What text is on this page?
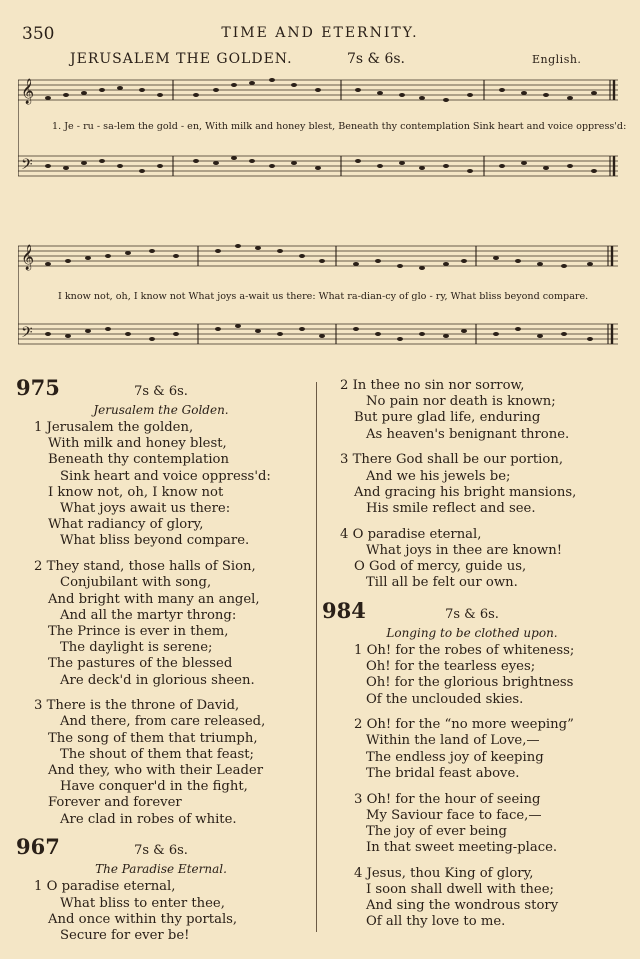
350	TIME AND ETERNITY.
JERUSALEM THE GOLDEN.	7s & 6s.	English.
𝄞
𝄢
1. Je - ru - sa-lem the gold - en, With milk and honey blest, Beneath thy contemplation Sink heart and voice oppress'd:
𝄞
𝄢
I know not, oh, I know not What joys a-wait us there: What ra-dian-cy of glo - ry, What bliss beyond compare.
975	7s & 6s.
Jerusalem the Golden.
1 Jerusalem the golden,
With milk and honey blest,
Beneath thy contemplation
Sink heart and voice oppress'd:
I know not, oh, I know not
What joys await us there:
What radiancy of glory,
What bliss beyond compare.
2 They stand, those halls of Sion,
Conjubilant with song,
And bright with many an angel,
And all the martyr throng:
The Prince is ever in them,
The daylight is serene;
The pastures of the blessed
Are deck'd in glorious sheen.
3 There is the throne of David,
And there, from care released,
The song of them that triumph,
The shout of them that feast;
And they, who with their Leader
Have conquer'd in the fight,
Forever and forever
Are clad in robes of white.
967	7s & 6s.
The Paradise Eternal.
1 O paradise eternal,
What bliss to enter thee,
And once within thy portals,
Secure for ever be!
2 In thee no sin nor sorrow,
No pain nor death is known;
But pure glad life, enduring
As heaven's benignant throne.
3 There God shall be our portion,
And we his jewels be;
And gracing his bright mansions,
His smile reflect and see.
4 O paradise eternal,
What joys in thee are known!
O God of mercy, guide us,
Till all be felt our own.
984	7s & 6s.
Longing to be clothed upon.
1 Oh! for the robes of whiteness;
Oh! for the tearless eyes;
Oh! for the glorious brightness
Of the unclouded skies.
2 Oh! for the “no more weeping”
Within the land of Love,—
The endless joy of keeping
The bridal feast above.
3 Oh! for the hour of seeing
My Saviour face to face,—
The joy of ever being
In that sweet meeting-place.
4 Jesus, thou King of glory,
I soon shall dwell with thee;
And sing the wondrous story
Of all thy love to me.
